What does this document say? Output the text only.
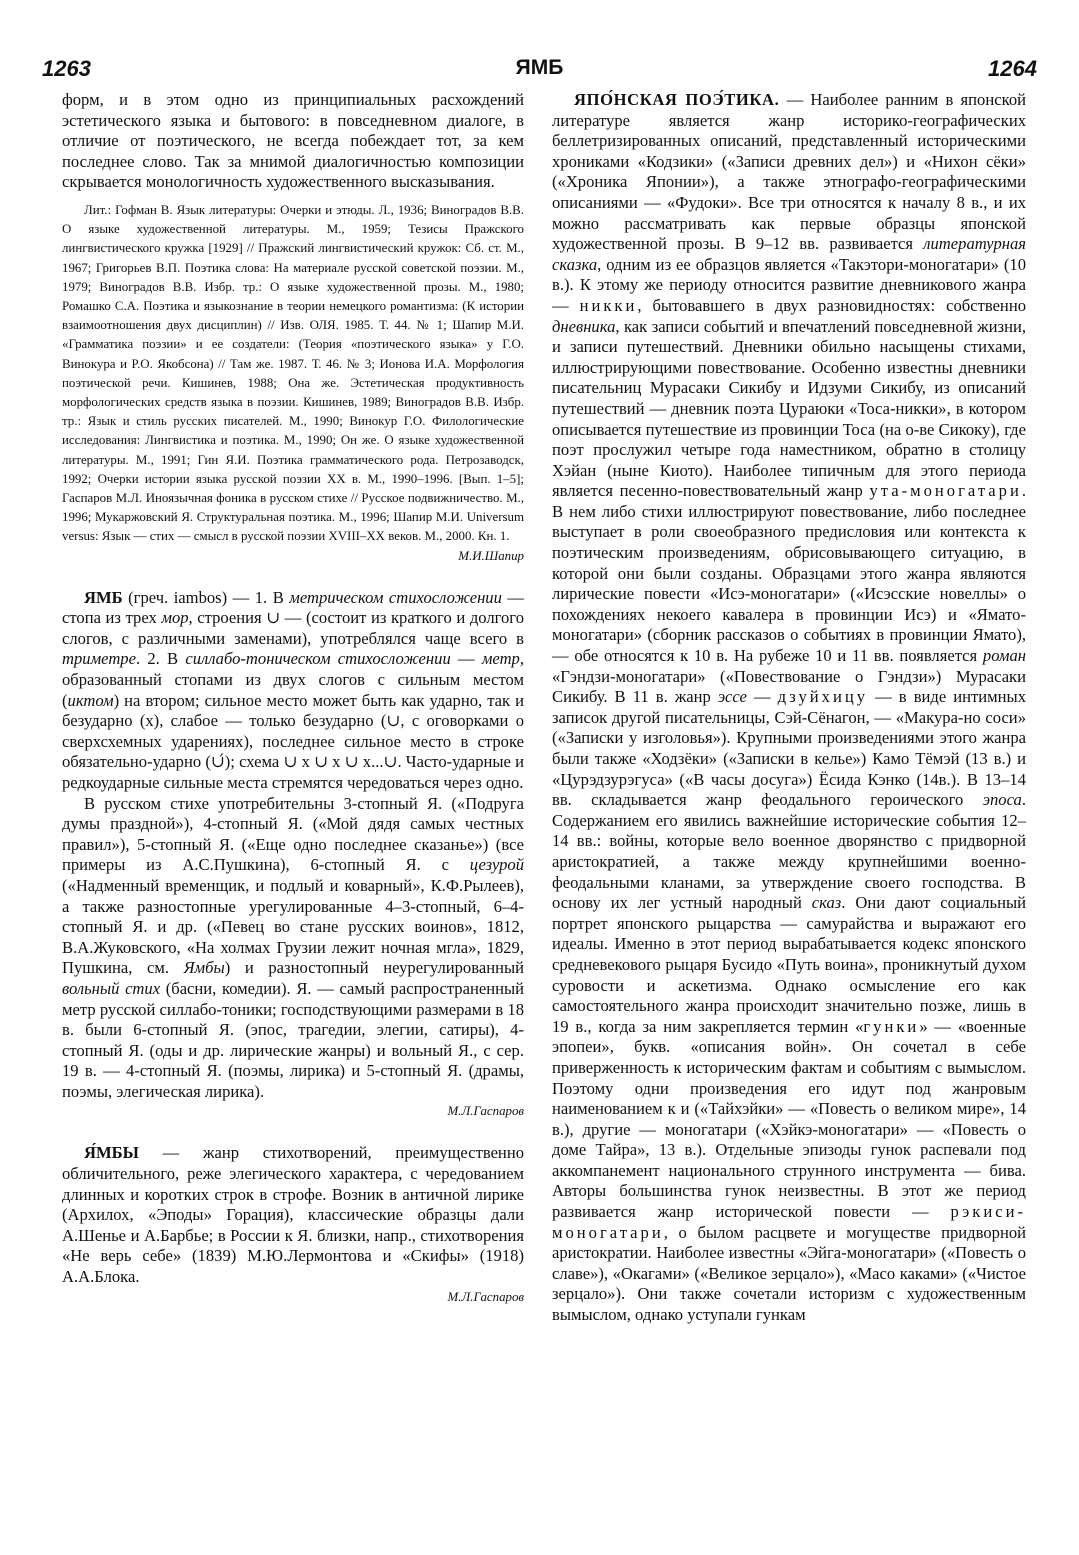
1263	ЯМБ	1264

форм, и в этом одно из принципиальных расхождений эстетического языка и бытового: в повседневном диалоге, в отличие от поэтического, не всегда побеждает тот, за кем последнее слово. Так за мнимой диалогичностью композиции скрывается монологичность художественного высказывания.

Лит.: Гофман В. Язык литературы: Очерки и этюды. Л., 1936; Виноградов В.В. О языке художественной литературы. М., 1959; Тезисы Пражского лингвистического кружка [1929] // Пражский лингвистический кружок: Сб. ст. М., 1967; Григорьев В.П. Поэтика слова: На материале русской советской поэзии. М., 1979; Виноградов В.В. Избр. тр.: О языке художественной прозы. М., 1980; Ромашко С.А. Поэтика и языкознание в теории немецкого романтизма: (К истории взаимоотношения двух дисциплин) // Изв. ОЛЯ. 1985. Т. 44. № 1; Шапир М.И. «Грамматика поэзии» и ее создатели: (Теория «поэтического языка» у Г.О. Винокура и Р.О. Якобсона) // Там же. 1987. Т. 46. № 3; Ионова И.А. Морфология поэтической речи. Кишинев, 1988; Она же. Эстетическая продуктивность морфологических средств языка в поэзии. Кишинев, 1989; Виноградов В.В. Избр. тр.: Язык и стиль русских писателей. М., 1990; Винокур Г.О. Филологические исследования: Лингвистика и поэтика. М., 1990; Он же. О языке художественной литературы. М., 1991; Гин Я.И. Поэтика грамматического рода. Петрозаводск, 1992; Очерки истории языка русской поэзии XX в. М., 1990–1996. [Вып. 1–5]; Гаспаров М.Л. Иноязычная фоника в русском стихе // Русское подвижничество. М., 1996; Мукаржовский Я. Структуральная поэтика. М., 1996; Шапир М.И. Universum versus: Язык — стих — смысл в русской поэзии XVIII–XX веков. М., 2000. Кн. 1.
М.И.Шапир

ЯМБ (греч. iambos) — 1. В метрическом стихосложении — стопа из трех мор, строения ∪ — (состоит из краткого и долгого слогов, с различными заменами), употреблялся чаще всего в триметре. 2. В силлабо-тоническом стихосложении — метр, образованный стопами из двух слогов с сильным местом (иктом) на втором; сильное место может быть как ударно, так и безударно (x), слабое — только безударно (∪, с оговорками о сверхсхемных ударениях), последнее сильное место в строке обязательно-ударно (∪́); схема ∪ x ∪ x ∪ x...∪. Часто-ударные и редкоударные сильные места стремятся чередоваться через одно.

В русском стихе употребительны 3-стопный Я. («Подруга думы праздной»), 4-стопный Я. («Мой дядя самых честных правил»), 5-стопный Я. («Еще одно последнее сказанье») (все примеры из А.С.Пушкина), 6-стопный Я. с цезурой («Надменный временщик, и подлый и коварный», К.Ф.Рылеев), а также разностопные урегулированные 4–3-стопный, 6–4-стопный Я. и др. («Певец во стане русских воинов», 1812, В.А.Жуковского, «На холмах Грузии лежит ночная мгла», 1829, Пушкина, см. Ямбы) и разностопный неурегулированный вольный стих (басни, комедии). Я. — самый распространенный метр русской силлабо-тоники; господствующими размерами в 18 в. были 6-стопный Я. (эпос, трагедии, элегии, сатиры), 4-стопный Я. (оды и др. лирические жанры) и вольный Я., с сер. 19 в. — 4-стопный Я. (поэмы, лирика) и 5-стопный Я. (драмы, поэмы, элегическая лирика).

М.Л.Гаспаров

Я́МБЫ — жанр стихотворений, преимущественно обличительного, реже элегического характера, с чередованием длинных и коротких строк в строфе. Возник в античной лирике (Архилох, «Эподы» Горация), классические образцы дали А.Шенье и А.Барбье; в России к Я. близки, напр., стихотворения «Не верь себе» (1839) М.Ю.Лермонтова и «Скифы» (1918) А.А.Блока.

М.Л.Гаспаров

ЯПО́НСКАЯ ПОЭ́ТИКА. — Наиболее ранним в японской литературе является жанр историко-географических беллетризированных описаний, представленный историческими хрониками «Кодзики» («Записи древних дел») и «Нихон сёки» («Хроника Японии»), а также этнографо-географическими описаниями — «Фудоки». Все три относятся к началу 8 в., и их можно рассматривать как первые образцы японской художественной прозы. В 9–12 вв. развивается литературная сказка, одним из ее образцов является «Такэтори-моногатари» (10 в.). К этому же периоду относится развитие дневникового жанра — никки, бытовавшего в двух разновидностях: собственно дневника, как записи событий и впечатлений повседневной жизни, и записи путешествий. Дневники обильно насыщены стихами, иллюстрирующими повествование. Особенно известны дневники писательниц Мурасаки Сикибу и Идзуми Сикибу, из описаний путешествий — дневник поэта Цураюки «Тоса-никки», в котором описывается путешествие из провинции Тоса (на о-ве Сикоку), где поэт прослужил четыре года наместником, обратно в столицу Хэйан (ныне Киото). Наиболее типичным для этого периода является песенно-повествовательный жанр ута-моногатари. В нем либо стихи иллюстрируют повествование, либо последнее выступает в роли своеобразного предисловия или контекста к поэтическим произведениям, обрисовывающего ситуацию, в которой они были созданы. Образцами этого жанра являются лирические повести «Исэ-моногатари» («Исэсские новеллы» о похождениях некоего кавалера в провинции Исэ) и «Ямато-моногатари» (сборник рассказов о событиях в провинции Ямато), — обе относятся к 10 в. На рубеже 10 и 11 вв. появляется роман «Гэндзи-моногатари» («Повествование о Гэндзи») Мурасаки Сикибу. В 11 в. жанр эссе — дзуйхицу — в виде интимных записок другой писательницы, Сэй-Сёнагон, — «Макура-но соси» («Записки у изголовья»). Крупными произведениями этого жанра были также «Ходзёки» («Записки в келье») Камо Тёмэй (13 в.) и «Цурэдзурэгуса» («В часы досуга») Ёсида Кэнко (14в.). В 13–14 вв. складывается жанр феодального героического эпоса. Содержанием его явились важнейшие исторические события 12–14 вв.: войны, которые вело военное дворянство с придворной аристократией, а также между крупнейшими военно-феодальными кланами, за утверждение своего господства. В основу их лег устный народный сказ. Они дают социальный портрет японского рыцарства — самурайства и выражают его идеалы. Именно в этот период вырабатывается кодекс японского средневекового рыцаря Бусидо «Путь воина», проникнутый духом суровости и аскетизма. Однако осмысление его как самостоятельного жанра происходит значительно позже, лишь в 19 в., когда за ним закрепляется термин «гунки» — «военные эпопеи», букв. «описания войн». Он сочетал в себе приверженность к историческим фактам и событиям с вымыслом. Поэтому одни произведения его идут под жанровым наименованием к и («Тайхэйки» — «Повесть о великом мире», 14 в.), другие — моногатари («Хэйкэ-моногатари» — «Повесть о доме Тайра», 13 в.). Отдельные эпизоды гунок распевали под аккомпанемент национального струнного инструмента — бива. Авторы большинства гунок неизвестны. В этот же период развивается жанр исторической повести — рэкиси-моногатари, о былом расцвете и могуществе придворной аристократии. Наиболее известны «Эйга-моногатари» («Повесть о славе»), «Окагами» («Великое зерцало»), «Масо каками» («Чистое зерцало»). Они также сочетали историзм с художественным вымыслом, однако уступали гункам
